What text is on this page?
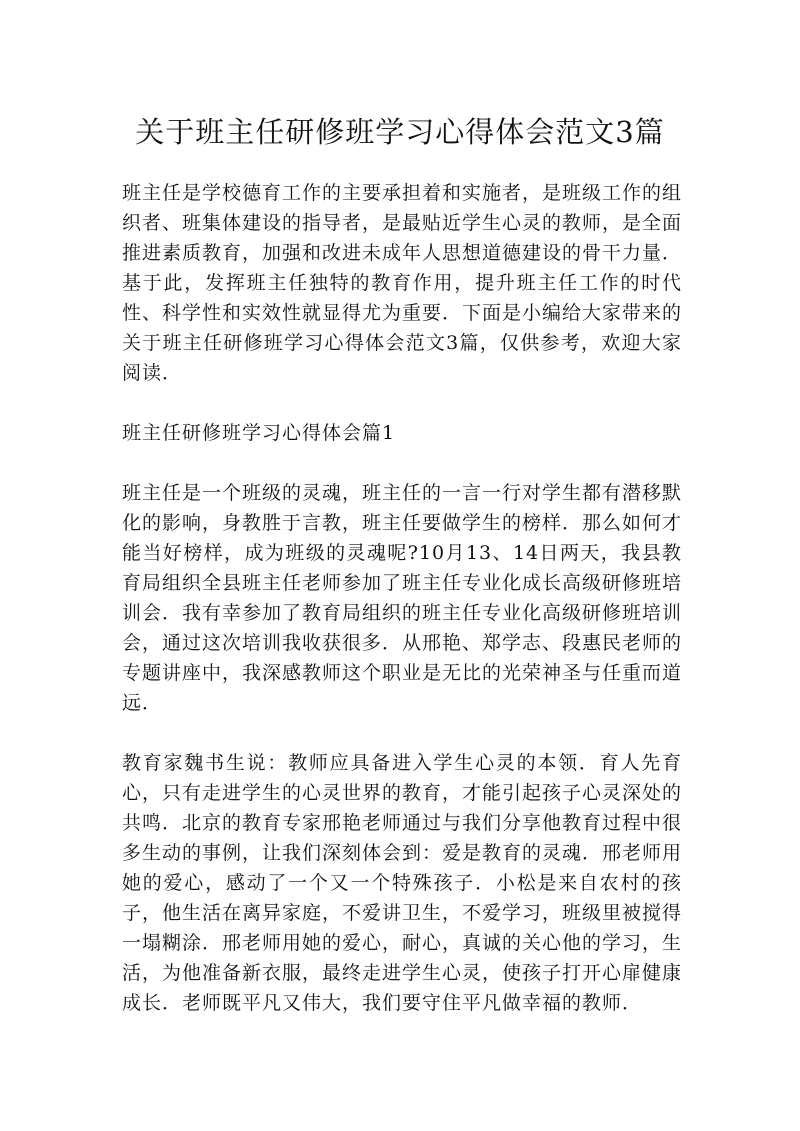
关于班主任研修班学习心得体会范文3篇

班主任是学校德育工作的主要承担着和实施者，是班级工作的组织者、班集体建设的指导者，是最贴近学生心灵的教师，是全面推进素质教育，加强和改进未成年人思想道德建设的骨干力量．基于此，发挥班主任独特的教育作用，提升班主任工作的时代性、科学性和实效性就显得尤为重要．下面是小编给大家带来的关于班主任研修班学习心得体会范文3篇，仅供参考，欢迎大家阅读．

班主任研修班学习心得体会篇1

班主任是一个班级的灵魂，班主任的一言一行对学生都有潜移默化的影响，身教胜于言教，班主任要做学生的榜样．那么如何才能当好榜样，成为班级的灵魂呢?10月13、14日两天，我县教育局组织全县班主任老师参加了班主任专业化成长高级研修班培训会．我有幸参加了教育局组织的班主任专业化高级研修班培训会，通过这次培训我收获很多．从邢艳、郑学志、段惠民老师的专题讲座中，我深感教师这个职业是无比的光荣神圣与任重而道远．

教育家魏书生说：教师应具备进入学生心灵的本领．育人先育心，只有走进学生的心灵世界的教育，才能引起孩子心灵深处的共鸣．北京的教育专家邢艳老师通过与我们分享他教育过程中很多生动的事例，让我们深刻体会到：爱是教育的灵魂．邢老师用她的爱心，感动了一个又一个特殊孩子．小松是来自农村的孩子，他生活在离异家庭，不爱讲卫生，不爱学习，班级里被搅得一塌糊涂．邢老师用她的爱心，耐心，真诚的关心他的学习，生活，为他准备新衣服，最终走进学生心灵，使孩子打开心扉健康成长．老师既平凡又伟大，我们要守住平凡做幸福的教师．
